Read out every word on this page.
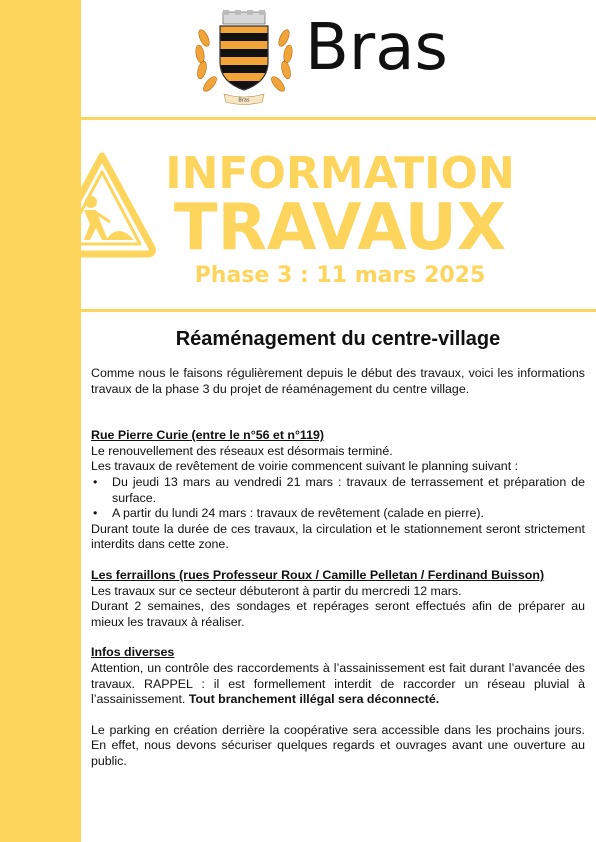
Bras
Bras
INFORMATION
TRAVAUX
Phase 3 : 11 mars 2025
Réaménagement du centre-village

Comme nous le faisons régulièrement depuis le début des travaux, voici les informations travaux de la phase 3 du projet de réaménagement du centre village.

Rue Pierre Curie (entre le n°56 et n°119)

Le renouvellement des réseaux est désormais terminé.

Les travaux de revêtement de voirie commencent suivant le planning suivant :

• Du jeudi 13 mars au vendredi 21 mars : travaux de terrassement et préparation de surface.
• A partir du lundi 24 mars : travaux de revêtement (calade en pierre).

Durant toute la durée de ces travaux, la circulation et le stationnement seront strictement interdits dans cette zone.

Les ferraillons (rues Professeur Roux / Camille Pelletan / Ferdinand Buisson)

Les travaux sur ce secteur débuteront à partir du mercredi 12 mars.

Durant 2 semaines, des sondages et repérages seront effectués afin de préparer au mieux les travaux à réaliser.

Infos diverses

Attention, un contrôle des raccordements à l’assainissement est fait durant l’avancée des travaux. RAPPEL : il est formellement interdit de raccorder un réseau pluvial à l’assainissement. Tout branchement illégal sera déconnecté.

Le parking en création derrière la coopérative sera accessible dans les prochains jours. En effet, nous devons sécuriser quelques regards et ouvrages avant une ouverture au public.
